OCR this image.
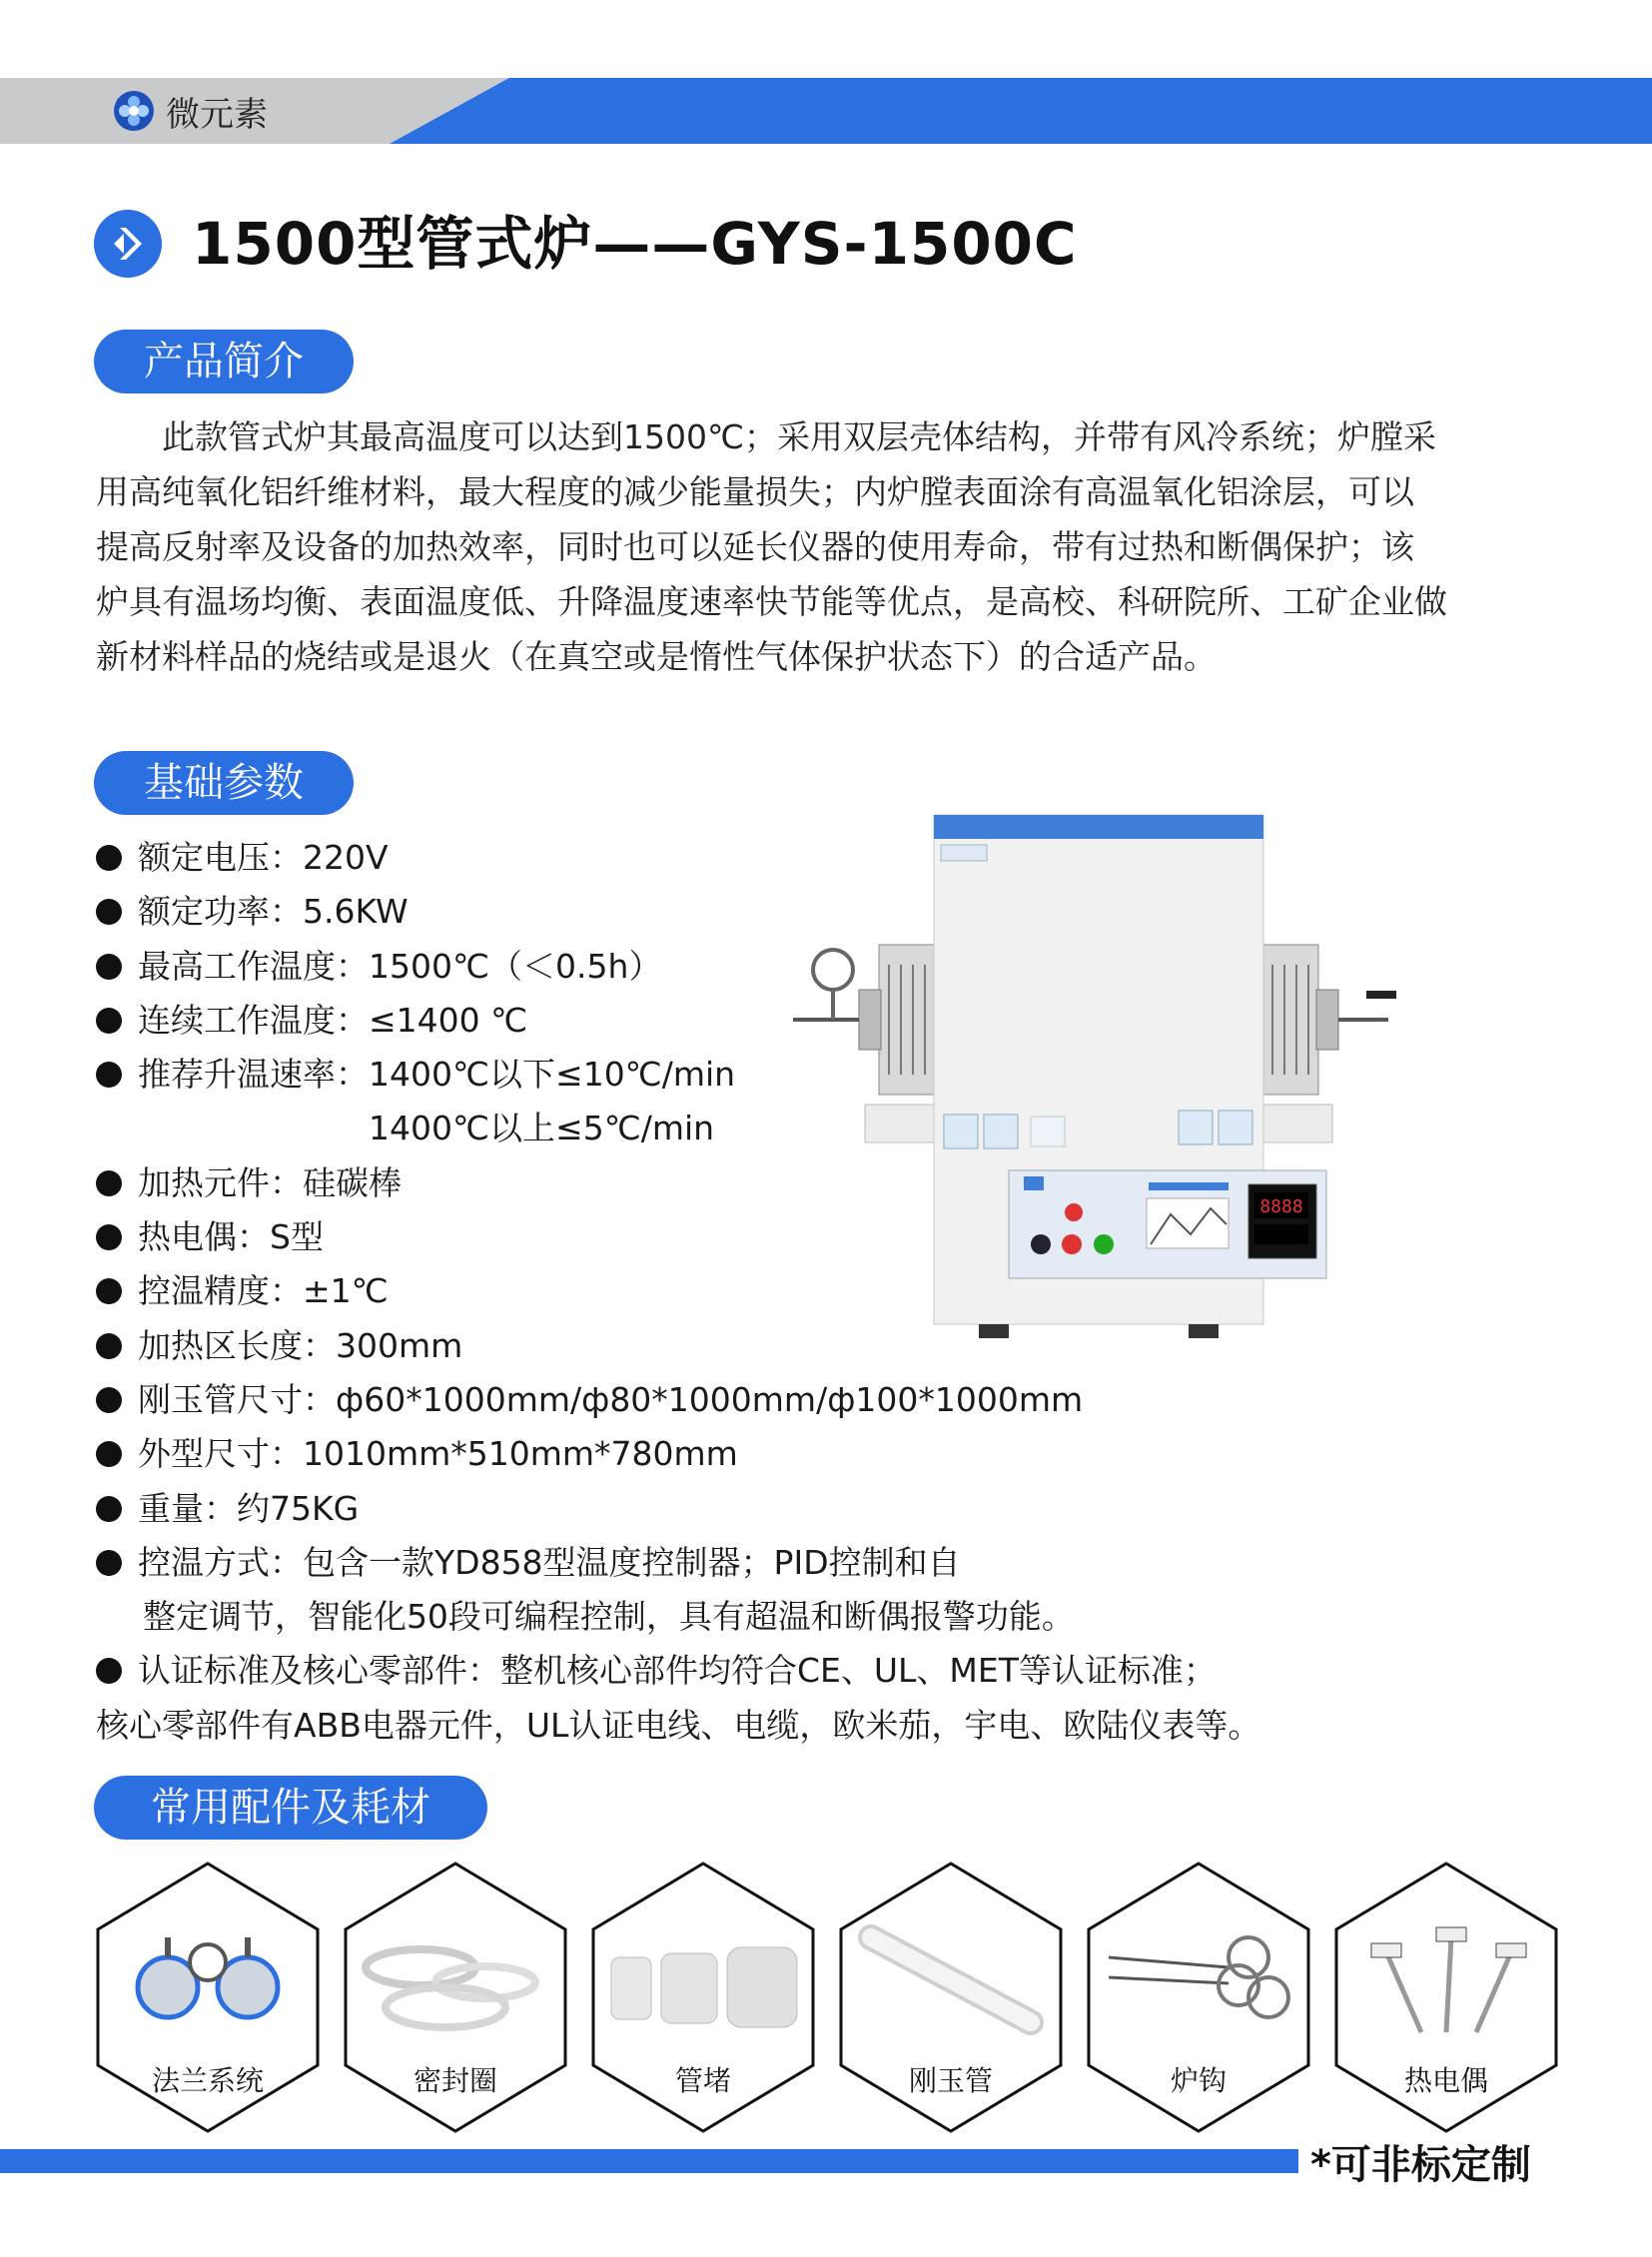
微元素
1500型管式炉——GYS-1500C
产品简介

此款管式炉其最高温度可以达到1500℃；采用双层壳体结构，并带有风冷系统；炉膛采

用高纯氧化铝纤维材料，最大程度的减少能量损失；内炉膛表面涂有高温氧化铝涂层，可以
提高反射率及设备的加热效率，同时也可以延长仪器的使用寿命，带有过热和断偶保护；该
炉具有温场均衡、表面温度低、升降温度速率快节能等优点，是高校、科研院所、工矿企业做
新材料样品的烧结或是退火（在真空或是惰性气体保护状态下）的合适产品。
基础参数
额定电压：220V
额定功率：5.6KW
最高工作温度：1500℃（＜0.5h）
连续工作温度：≤1400 ℃
推荐升温速率：1400℃以下≤10℃/min
1400℃以上≤5℃/min
加热元件：硅碳棒
热电偶：S型
控温精度：±1℃
加热区长度：300mm
刚玉管尺寸：ф60*1000mm/ф80*1000mm/ф100*1000mm
外型尺寸：1010mm*510mm*780mm
重量：约75KG
控温方式：包含一款YD858型温度控制器；PID控制和自
整定调节，智能化50段可编程控制，具有超温和断偶报警功能。
认证标准及核心零部件：整机核心部件均符合CE、UL、MET等认证标准；
核心零部件有ABB电器元件，UL认证电线、电缆，欧米茄，宇电、欧陆仪表等。
8888
常用配件及耗材
法兰系统	密封圈	管堵	刚玉管	炉钩	热电偶
*可非标定制
